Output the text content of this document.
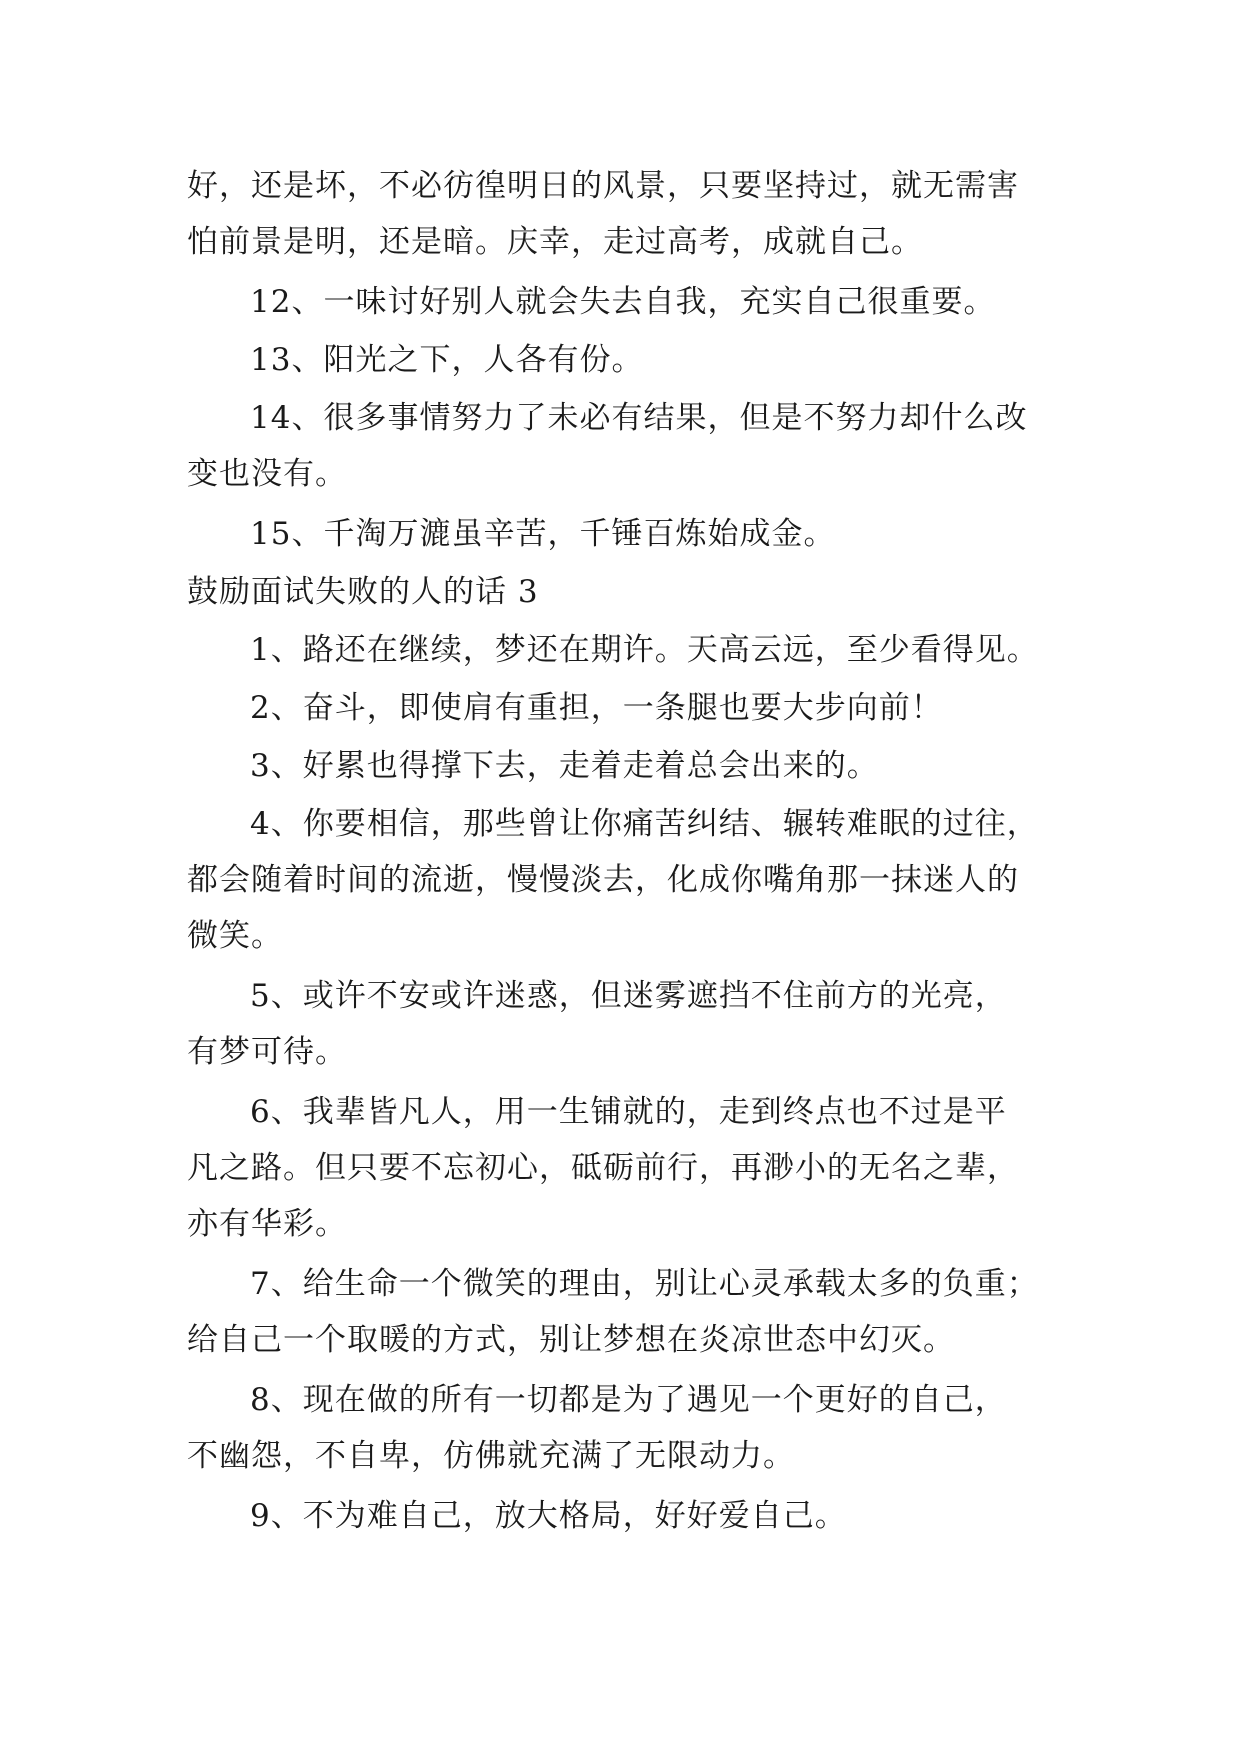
好，还是坏，不必彷徨明日的风景，只要坚持过，就无需害
怕前景是明，还是暗。庆幸，走过高考，成就自己。
12、一味讨好别人就会失去自我，充实自己很重要。
13、阳光之下，人各有份。
14、很多事情努力了未必有结果，但是不努力却什么改
变也没有。
15、千淘万漉虽辛苦，千锤百炼始成金。
鼓励面试失败的人的话 3
1、路还在继续，梦还在期许。天高云远，至少看得见。
2、奋斗，即使肩有重担，一条腿也要大步向前！
3、好累也得撑下去，走着走着总会出来的。
4、你要相信，那些曾让你痛苦纠结、辗转难眠的过往，
都会随着时间的流逝，慢慢淡去，化成你嘴角那一抹迷人的
微笑。
5、或许不安或许迷惑，但迷雾遮挡不住前方的光亮，
有梦可待。
6、我辈皆凡人，用一生铺就的，走到终点也不过是平
凡之路。但只要不忘初心，砥砺前行，再渺小的无名之辈，
亦有华彩。
7、给生命一个微笑的理由，别让心灵承载太多的负重；
给自己一个取暖的方式，别让梦想在炎凉世态中幻灭。
8、现在做的所有一切都是为了遇见一个更好的自己，
不幽怨，不自卑，仿佛就充满了无限动力。
9、不为难自己，放大格局，好好爱自己。
